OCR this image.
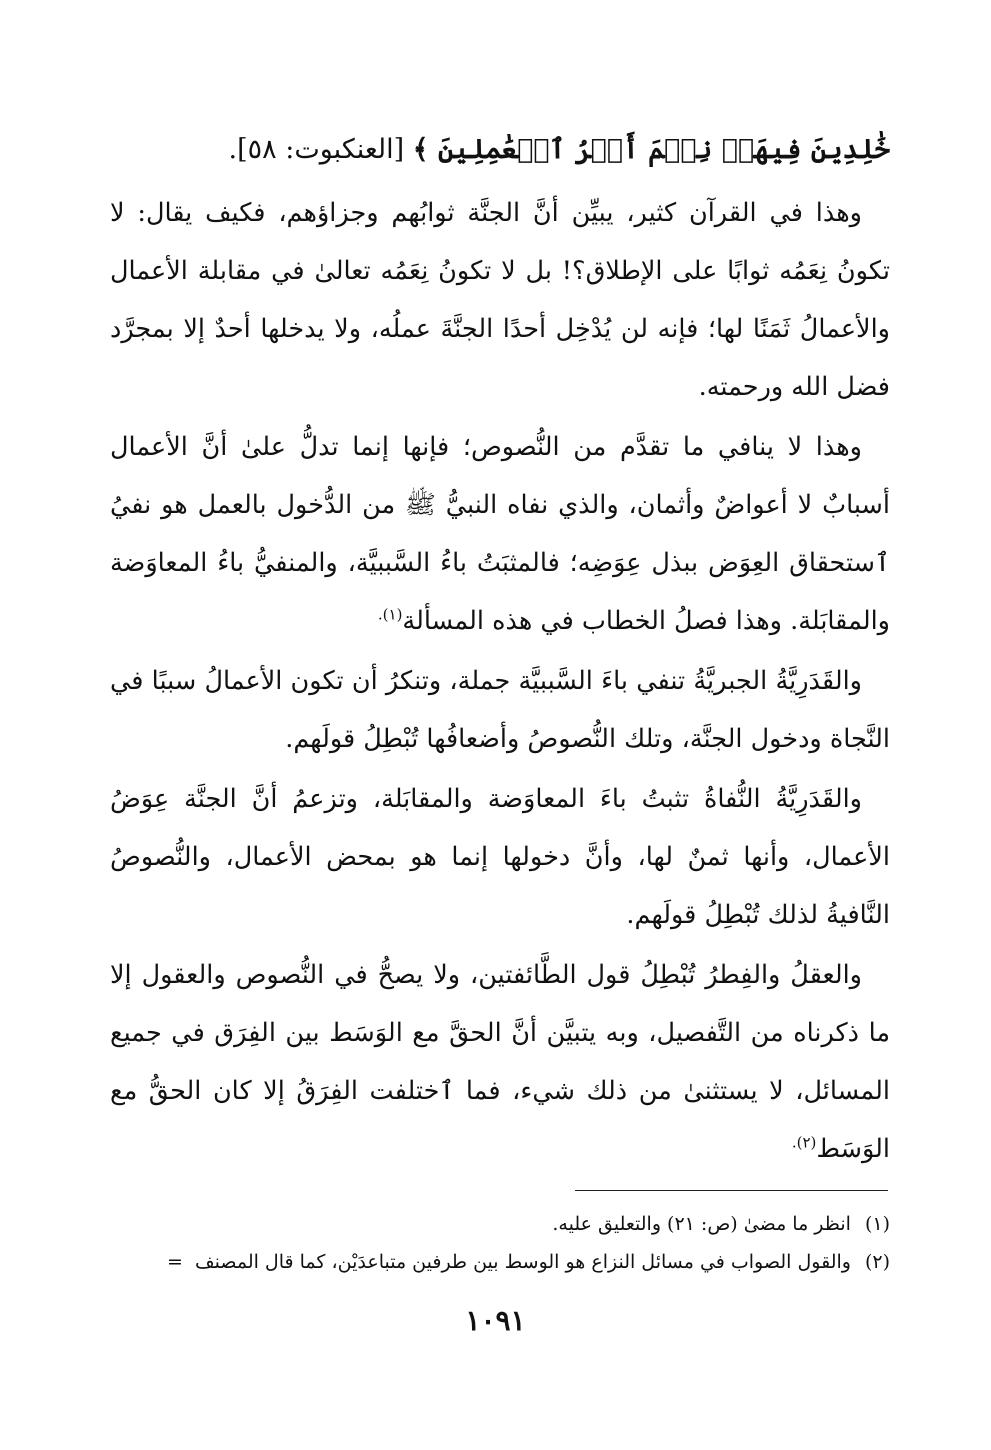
خَٰلِدِينَ فِيهَاۚ نِعۡمَ أَجۡرُ ٱلۡعَٰمِلِينَ ﴾ [العنكبوت: ٥٨].

وهذا في القرآن كثير، يبيِّن أنَّ الجنَّة ثوابُهم وجزاؤهم، فكيف يقال: لا تكونُ نِعَمُه ثوابًا على الإطلاق؟! بل لا تكونُ نِعَمُه تعالىٰ في مقابلة الأعمال والأعمالُ ثَمَنًا لها؛ فإنه لن يُدْخِل أحدًا الجنَّةَ عملُه، ولا يدخلها أحدٌ إلا بمجرَّد فضل الله ورحمته.

وهذا لا ينافي ما تقدَّم من النُّصوص؛ فإنها إنما تدلُّ علىٰ أنَّ الأعمال أسبابٌ لا أعواضٌ وأثمان، والذي نفاه النبيُّ ﷺ من الدُّخول بالعمل هو نفيُ ٱستحقاق العِوَض ببذل عِوَضِه؛ فالمثبَتُ باءُ السَّببيَّة، والمنفيُّ باءُ المعاوَضة والمقابَلة. وهذا فصلُ الخطاب في هذه المسألة$^{(١).}$

والقَدَرِيَّةُ الجبريَّةُ تنفي باءَ السَّببيَّة جملة، وتنكرُ أن تكون الأعمالُ سببًا في النَّجاة ودخول الجنَّة، وتلك النُّصوصُ وأضعافُها تُبْطِلُ قولَهم.

والقَدَرِيَّةُ النُّفاةُ تثبتُ باءَ المعاوَضة والمقابَلة، وتزعمُ أنَّ الجنَّة عِوَضُ الأعمال، وأنها ثمنٌ لها، وأنَّ دخولها إنما هو بمحض الأعمال، والنُّصوصُ النَّافيةُ لذلك تُبْطِلُ قولَهم.

والعقلُ والفِطرُ تُبْطِلُ قول الطَّائفتين، ولا يصحُّ في النُّصوص والعقول إلا ما ذكرناه من التَّفصيل، وبه يتبيَّن أنَّ الحقَّ مع الوَسَط بين الفِرَق في جميع المسائل، لا يستثنىٰ من ذلك شيء، فما ٱختلفت الفِرَقُ إلا كان الحقُّ مع الوَسَط$^{(٢).}$

(١)
انظر ما مضىٰ (ص: ٢١) والتعليق عليه.
(٢)
والقول الصواب في مسائل النزاع هو الوسط بين طرفين متباعدَيْن، كما قال المصنف
=
١٠٩١
